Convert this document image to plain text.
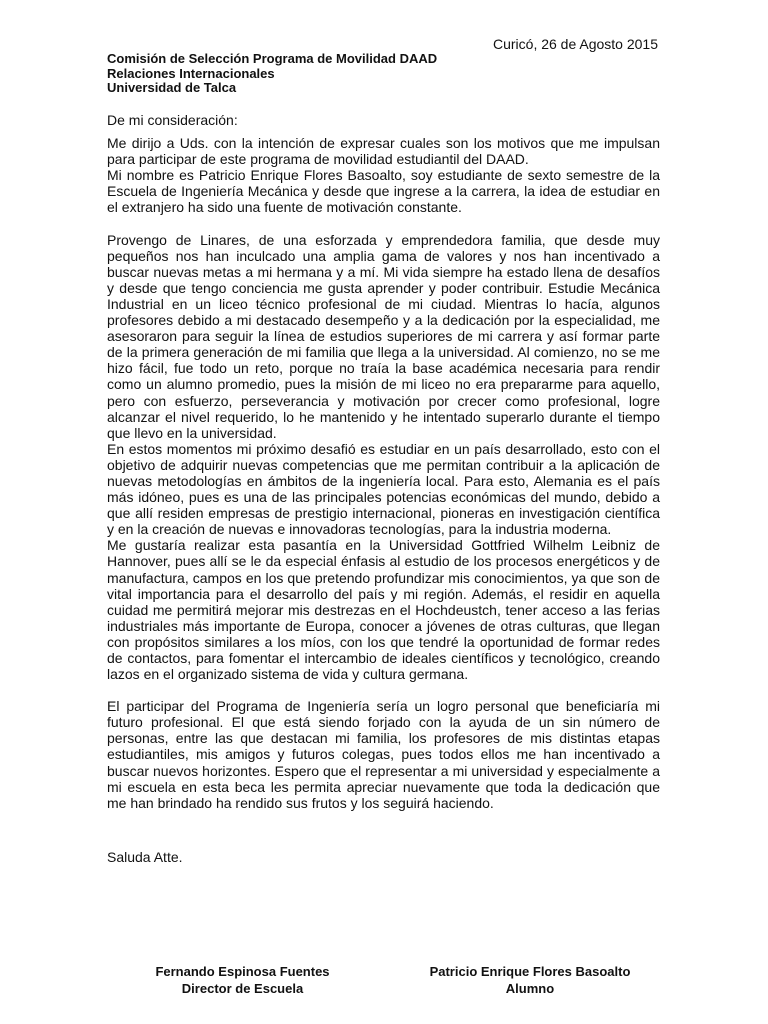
Curicó, 26 de Agosto 2015
Comisión de Selección Programa de Movilidad DAAD
Relaciones Internacionales
Universidad de Talca

De mi consideración:

Me dirijo a Uds. con la intención de expresar cuales son los motivos que me impulsan para participar de este programa de movilidad estudiantil del DAAD.

Mi nombre es Patricio Enrique Flores Basoalto, soy estudiante de sexto semestre de la Escuela de Ingeniería Mecánica y desde que ingrese a la carrera, la idea de estudiar en el extranjero ha sido una fuente de motivación constante.

Provengo de Linares, de una esforzada y emprendedora familia, que desde muy pequeños nos han inculcado una amplia gama de valores y nos han incentivado a buscar nuevas metas a mi hermana y a mí. Mi vida siempre ha estado llena de desafíos y desde que tengo conciencia me gusta aprender y poder contribuir. Estudie Mecánica Industrial en un liceo técnico profesional de mi ciudad. Mientras lo hacía, algunos profesores debido a mi destacado desempeño y a la dedicación por la especialidad, me asesoraron para seguir la línea de estudios superiores de mi carrera y así formar parte de la primera generación de mi familia que llega a la universidad. Al comienzo, no se me hizo fácil, fue todo un reto, porque no traía la base académica necesaria para rendir como un alumno promedio, pues la misión de mi liceo no era prepararme para aquello, pero con esfuerzo, perseverancia y motivación por crecer como profesional, logre alcanzar el nivel requerido, lo he mantenido y he intentado superarlo durante el tiempo que llevo en la universidad.

En estos momentos mi próximo desafió es estudiar en un país desarrollado, esto con el objetivo de adquirir nuevas competencias que me permitan contribuir a la aplicación de nuevas metodologías en ámbitos de la ingeniería local. Para esto, Alemania es el país más idóneo, pues es una de las principales potencias económicas del mundo, debido a que allí residen empresas de prestigio internacional, pioneras en investigación científica y en la creación de nuevas e innovadoras tecnologías, para la industria moderna.

Me gustaría realizar esta pasantía en la Universidad Gottfried Wilhelm Leibniz de Hannover, pues allí se le da especial énfasis al estudio de los procesos energéticos y de manufactura, campos en los que pretendo profundizar mis conocimientos, ya que son de vital importancia para el desarrollo del país y mi región. Además, el residir en aquella cuidad me permitirá mejorar mis destrezas en el Hochdeustch, tener acceso a las ferias industriales más importante de Europa, conocer a jóvenes de otras culturas, que llegan con propósitos similares a los míos, con los que tendré la oportunidad de formar redes de contactos, para fomentar el intercambio de ideales científicos y tecnológico, creando lazos en el organizado sistema de vida y cultura germana.

El participar del Programa de Ingeniería sería un logro personal que beneficiaría mi futuro profesional. El que está siendo forjado con la ayuda de un sin número de personas, entre las que destacan mi familia, los profesores de mis distintas etapas estudiantiles, mis amigos y futuros colegas, pues todos ellos me han incentivado a buscar nuevos horizontes. Espero que el representar a mi universidad y especialmente a mi escuela en esta beca les permita apreciar nuevamente que toda la dedicación que me han brindado ha rendido sus frutos y los seguirá haciendo.

Saluda Atte.
Fernando Espinosa Fuentes
Director de Escuela
Patricio Enrique Flores Basoalto
Alumno
